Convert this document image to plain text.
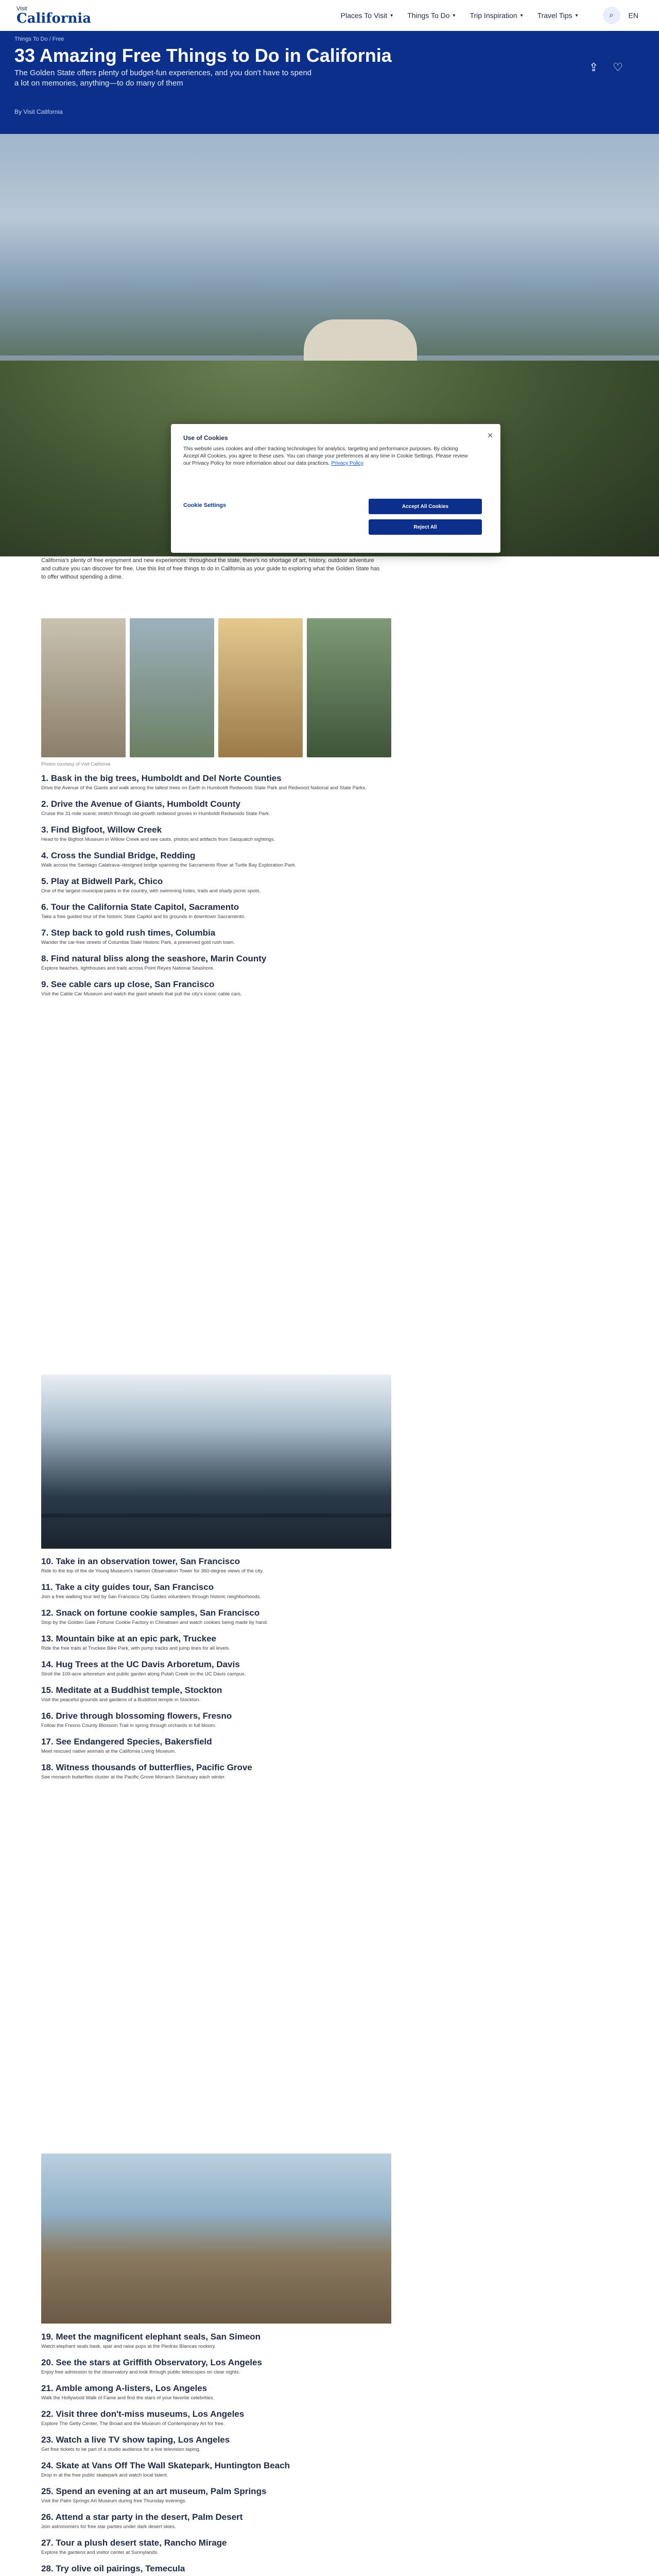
Visit
California	Places To Visit ▾ Things To Do ▾ Trip Inspiration ▾ Travel Tips ▾	⌕	EN
Things To Do / Free
33 Amazing Free Things to Do in California
The Golden State offers plenty of budget-fun experiences, and you don't have to spend a lot on memories, anything—to do many of them
By Visit California
⇪ ♡
Use of Cookies	✕
This website uses cookies and other tracking technologies for analytics, targeting and performance purposes. By clicking Accept All Cookies, you agree to these uses. You can change your preferences at any time in Cookie Settings. Please review our Privacy Policy for more information about our data practices. Privacy Policy
Cookie Settings	Accept All Cookies
Reject All

California's plenty of free enjoyment and new experiences: throughout the state, there's no shortage of art, history, outdoor adventure and culture you can discover for free. Use this list of free things to do in California as your guide to exploring what the Golden State has to offer without spending a dime.

Photos courtesy of Visit California
1. Bask in the big trees, Humboldt and Del Norte Counties

Drive the Avenue of the Giants and walk among the tallest trees on Earth in Humboldt Redwoods State Park and Redwood National and State Parks.

2. Drive the Avenue of Giants, Humboldt County

Cruise the 31-mile scenic stretch through old-growth redwood groves in Humboldt Redwoods State Park.

3. Find Bigfoot, Willow Creek

Head to the Bigfoot Museum in Willow Creek and see casts, photos and artifacts from Sasquatch sightings.

4. Cross the Sundial Bridge, Redding

Walk across the Santiago Calatrava–designed bridge spanning the Sacramento River at Turtle Bay Exploration Park.

5. Play at Bidwell Park, Chico

One of the largest municipal parks in the country, with swimming holes, trails and shady picnic spots.

6. Tour the California State Capitol, Sacramento

Take a free guided tour of the historic State Capitol and its grounds in downtown Sacramento.

7. Step back to gold rush times, Columbia

Wander the car-free streets of Columbia State Historic Park, a preserved gold rush town.

8. Find natural bliss along the seashore, Marin County

Explore beaches, lighthouses and trails across Point Reyes National Seashore.

9. See cable cars up close, San Francisco

Visit the Cable Car Museum and watch the giant wheels that pull the city's iconic cable cars.

10. Take in an observation tower, San Francisco

Ride to the top of the de Young Museum's Hamon Observation Tower for 360-degree views of the city.

11. Take a city guides tour, San Francisco

Join a free walking tour led by San Francisco City Guides volunteers through historic neighborhoods.

12. Snack on fortune cookie samples, San Francisco

Stop by the Golden Gate Fortune Cookie Factory in Chinatown and watch cookies being made by hand.

13. Mountain bike at an epic park, Truckee

Ride the free trails at Truckee Bike Park, with pump tracks and jump lines for all levels.

14. Hug Trees at the UC Davis Arboretum, Davis

Stroll the 100-acre arboretum and public garden along Putah Creek on the UC Davis campus.

15. Meditate at a Buddhist temple, Stockton

Visit the peaceful grounds and gardens of a Buddhist temple in Stockton.

16. Drive through blossoming flowers, Fresno

Follow the Fresno County Blossom Trail in spring through orchards in full bloom.

17. See Endangered Species, Bakersfield

Meet rescued native animals at the California Living Museum.

18. Witness thousands of butterflies, Pacific Grove

See monarch butterflies cluster at the Pacific Grove Monarch Sanctuary each winter.

19. Meet the magnificent elephant seals, San Simeon

Watch elephant seals bask, spar and raise pups at the Piedras Blancas rookery.

20. See the stars at Griffith Observatory, Los Angeles

Enjoy free admission to the observatory and look through public telescopes on clear nights.

21. Amble among A-listers, Los Angeles

Walk the Hollywood Walk of Fame and find the stars of your favorite celebrities.

22. Visit three don't-miss museums, Los Angeles

Explore The Getty Center, The Broad and the Museum of Contemporary Art for free.

23. Watch a live TV show taping, Los Angeles

Get free tickets to be part of a studio audience for a live television taping.

24. Skate at Vans Off The Wall Skatepark, Huntington Beach

Drop in at the free public skatepark and watch local talent.

25. Spend an evening at an art museum, Palm Springs

Visit the Palm Springs Art Museum during free Thursday evenings.

26. Attend a star party in the desert, Palm Desert

Join astronomers for free star parties under dark desert skies.

27. Tour a plush desert state, Rancho Mirage

Explore the gardens and visitor center at Sunnylands.

28. Try olive oil pairings, Temecula
